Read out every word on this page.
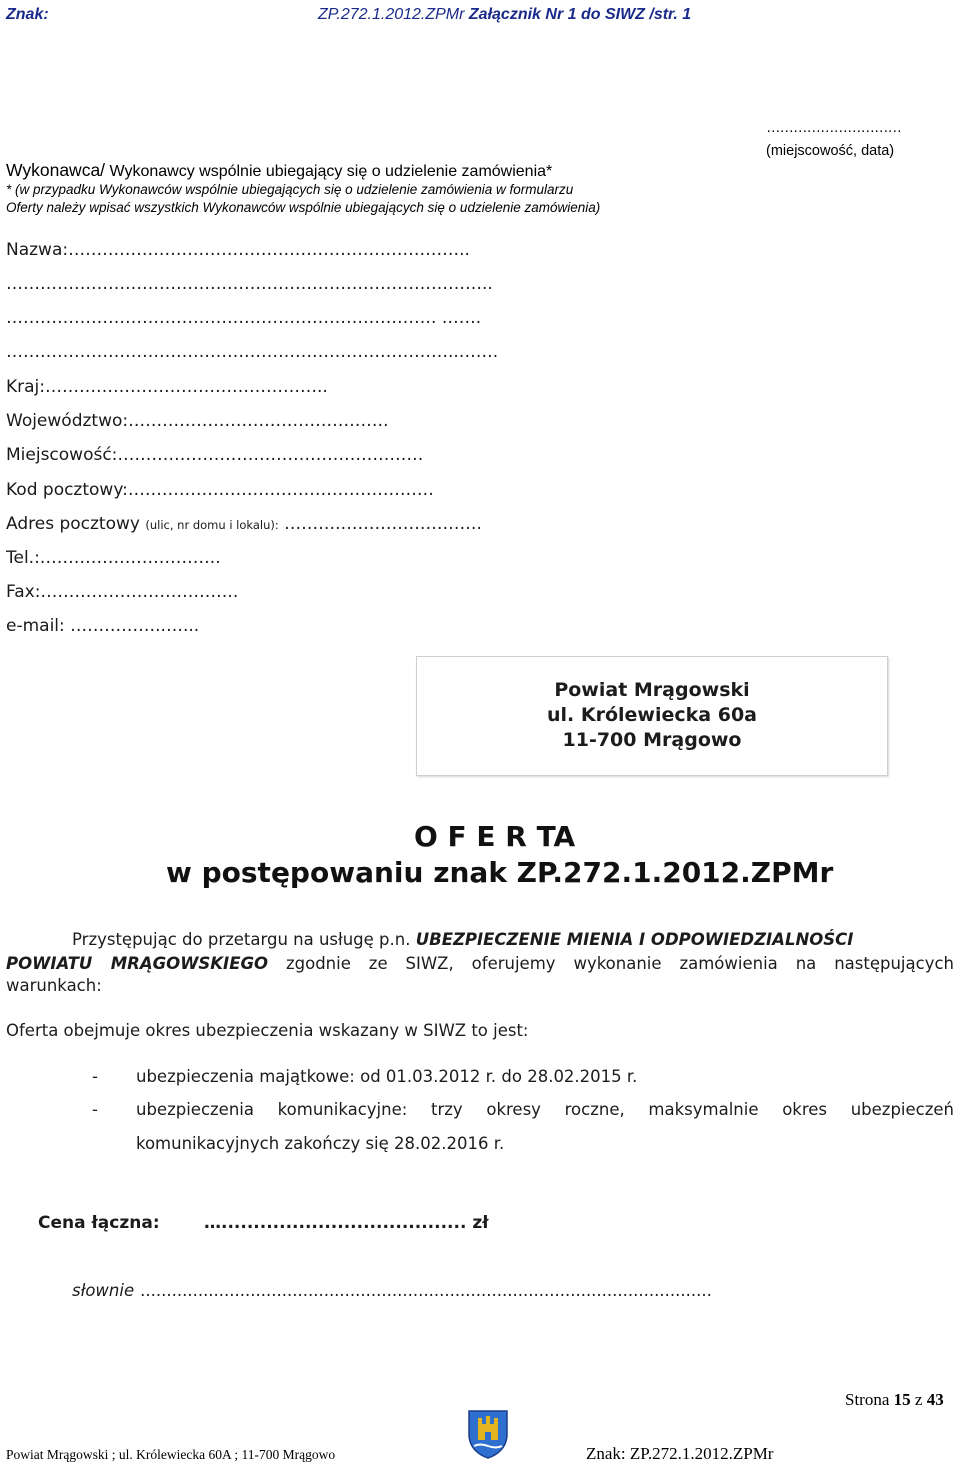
Znak:	ZP.272.1.2012.ZPMr Załącznik Nr 1 do SIWZ /str. 1
…………………………
(miejscowość, data)
Wykonawca/ Wykonawcy wspólnie ubiegający się o udzielenie zamówienia*
* (w przypadku Wykonawców wspólnie ubiegających się o udzielenie zamówienia w formularzu
Oferty należy wpisać wszystkich Wykonawców wspólnie ubiegających się o udzielenie zamówienia)
Nazwa:……………………………………………………………..
…………………………………………………………………………..
…………………………………………………………………. …….
……………………………………………………………………..…….
Kraj:…………………………………………..
Województwo:……………………………………….
Miejscowość:………………………………………………
Kod pocztowy:………………………………………………
Adres pocztowy (ulic, nr domu i lokalu): ……….…………………….
Tel.:…………………………..
Fax:……………………………..
e-mail: ……………..…...
Powiat Mrągowski
ul. Królewiecka 60a
11-700 Mrągowo
O F E R TA
w postępowaniu znak ZP.272.1.2012.ZPMr
Przystępując do przetargu na usługę p.n. UBEZPIECZENIE MIENIA I ODPOWIEDZIALNOŚCI
POWIATU MRĄGOWSKIEGO zgodnie ze SIWZ, oferujemy wykonanie zamówienia na następujących
warunkach:
Oferta obejmuje okres ubezpieczenia wskazany w SIWZ to jest:
- ubezpieczenia majątkowe: od 01.03.2012 r. do 28.02.2015 r.
- ubezpieczenia komunikacyjne: trzy okresy roczne, maksymalnie okres ubezpieczeń
komunikacyjnych zakończy się 28.02.2016 r.
Cena łączna:	…...................................... zł
słownie .............................................................................................................
Strona 15 z 43
Powiat Mrągowski ; ul. Królewiecka 60A ; 11-700 Mrągowo	Znak: ZP.272.1.2012.ZPMr
